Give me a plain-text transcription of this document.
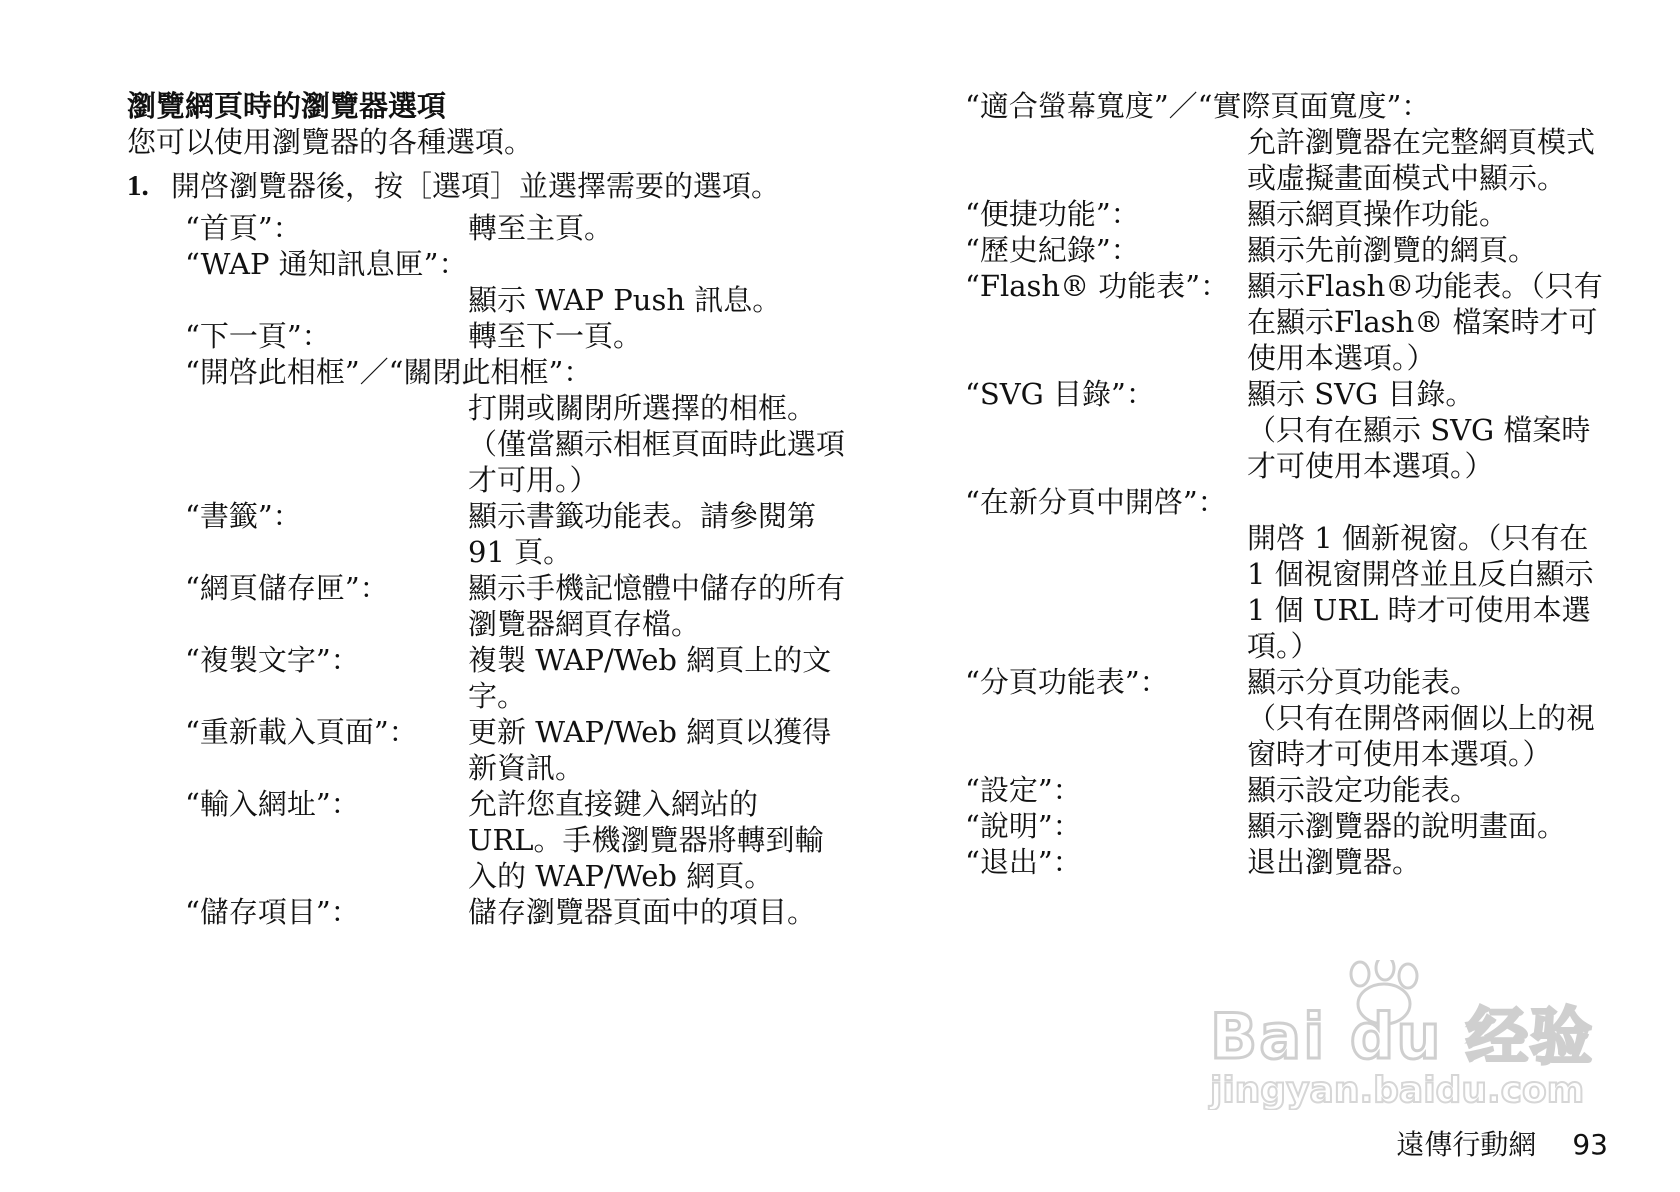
瀏覽網頁時的瀏覽器選項

您可以使用瀏覽器的各種選項。

1. 開啓瀏覽器後，按［選項］並選擇需要的選項。
“首頁”：	轉至主頁。
“WAP 通知訊息匣”：
顯示 WAP Push 訊息。
“下一頁”：	轉至下一頁。
“開啓此相框”／“關閉此相框”：
打開或關閉所選擇的相框。
（僅當顯示相框頁面時此選項才可用。）
“書籤”：	顯示書籤功能表。請參閱第 91 頁。
“網頁儲存匣”：	顯示手機記憶體中儲存的所有瀏覽器網頁存檔。
“複製文字”：	複製 WAP/Web 網頁上的文字。
“重新載入頁面”：	更新 WAP/Web 網頁以獲得新資訊。
“輸入網址”：	允許您直接鍵入網站的 URL。手機瀏覽器將轉到輸入的 WAP/Web 網頁。
“儲存項目”：	儲存瀏覽器頁面中的項目。
“適合螢幕寬度”／“實際頁面寬度”：
允許瀏覽器在完整網頁模式或虛擬畫面模式中顯示。
“便捷功能”：	顯示網頁操作功能。
“歷史紀錄”：	顯示先前瀏覽的網頁。
“Flash® 功能表”： 顯示Flash®功能表。（只有在顯示Flash® 檔案時才可使用本選項。）
“SVG 目錄”：	顯示 SVG 目錄。
（只有在顯示 SVG 檔案時才可使用本選項。）
“在新分頁中開啓”：
開啓 1 個新視窗。（只有在 1 個視窗開啓並且反白顯示 1 個 URL 時才可使用本選項。）
“分頁功能表”：	顯示分頁功能表。
（只有在開啓兩個以上的視窗時才可使用本選項。）
“設定”：	顯示設定功能表。
“說明”：	顯示瀏覽器的說明畫面。
“退出”：	退出瀏覽器。
Bai du 经验
jingyan.baidu.com
遠傳行動網 93
